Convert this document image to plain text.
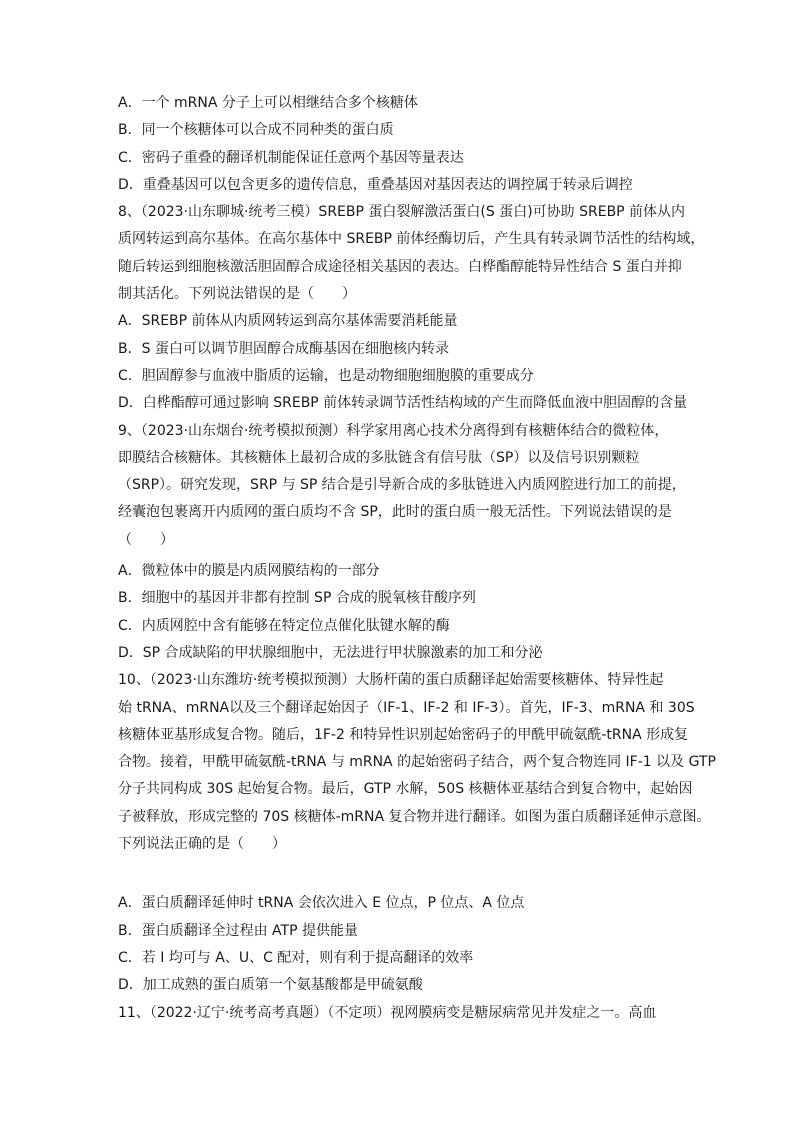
A．一个 mRNA 分子上可以相继结合多个核糖体
B．同一个核糖体可以合成不同种类的蛋白质
C．密码子重叠的翻译机制能保证任意两个基因等量表达
D．重叠基因可以包含更多的遗传信息，重叠基因对基因表达的调控属于转录后调控
8、（2023·山东聊城·统考三模）SREBP 蛋白裂解激活蛋白(S 蛋白)可协助 SREBP 前体从内
质网转运到高尔基体。在高尔基体中 SREBP 前体经酶切后，产生具有转录调节活性的结构域，
随后转运到细胞核激活胆固醇合成途径相关基因的表达。白桦酯醇能特异性结合 S 蛋白并抑
制其活化。下列说法错误的是（　　）
A．SREBP 前体从内质网转运到高尔基体需要消耗能量
B．S 蛋白可以调节胆固醇合成酶基因在细胞核内转录
C．胆固醇参与血液中脂质的运输，也是动物细胞细胞膜的重要成分
D．白桦酯醇可通过影响 SREBP 前体转录调节活性结构域的产生而降低血液中胆固醇的含量
9、（2023·山东烟台·统考模拟预测）科学家用离心技术分离得到有核糖体结合的微粒体，
即膜结合核糖体。其核糖体上最初合成的多肽链含有信号肽（SP）以及信号识别颗粒
（SRP）。研究发现，SRP 与 SP 结合是引导新合成的多肽链进入内质网腔进行加工的前提，
经囊泡包裹离开内质网的蛋白质均不含 SP，此时的蛋白质一般无活性。下列说法错误的是
（　　）
A．微粒体中的膜是内质网膜结构的一部分
B．细胞中的基因并非都有控制 SP 合成的脱氧核苷酸序列
C．内质网腔中含有能够在特定位点催化肽键水解的酶
D．SP 合成缺陷的甲状腺细胞中，无法进行甲状腺激素的加工和分泌
10、（2023·山东潍坊·统考模拟预测）大肠杆菌的蛋白质翻译起始需要核糖体、特异性起
始 tRNA、mRNA以及三个翻译起始因子（IF-1、IF-2 和 IF-3）。首先，IF-3、mRNA 和 30S
核糖体亚基形成复合物。随后，1F-2 和特异性识别起始密码子的甲酰甲硫氨酰-tRNA 形成复
合物。接着，甲酰甲硫氨酰-tRNA 与 mRNA 的起始密码子结合，两个复合物连同 IF-1 以及 GTP
分子共同构成 30S 起始复合物。最后，GTP 水解，50S 核糖体亚基结合到复合物中，起始因
子被释放，形成完整的 70S 核糖体-mRNA 复合物并进行翻译。如图为蛋白质翻译延伸示意图。
下列说法正确的是（　　）
A．蛋白质翻译延伸时 tRNA 会依次进入 E 位点，P 位点、A 位点
B．蛋白质翻译全过程由 ATP 提供能量
C．若 I 均可与 A、U、C 配对，则有利于提高翻译的效率
D．加工成熟的蛋白质第一个氨基酸都是甲硫氨酸
11、（2022·辽宁·统考高考真题）（不定项）视网膜病变是糖尿病常见并发症之一。高血
